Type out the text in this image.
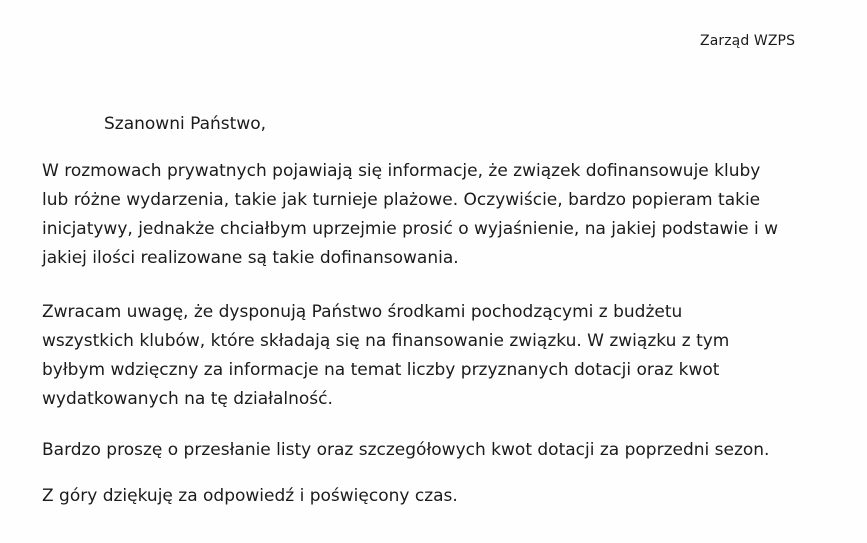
Zarząd WZPS
Szanowni Państwo,
W rozmowach prywatnych pojawiają się informacje, że związek dofinansowuje kluby
lub różne wydarzenia, takie jak turnieje plażowe. Oczywiście, bardzo popieram takie
inicjatywy, jednakże chciałbym uprzejmie prosić o wyjaśnienie, na jakiej podstawie i w
jakiej ilości realizowane są takie dofinansowania.
Zwracam uwagę, że dysponują Państwo środkami pochodzącymi z budżetu
wszystkich klubów, które składają się na finansowanie związku. W związku z tym
byłbym wdzięczny za informacje na temat liczby przyznanych dotacji oraz kwot
wydatkowanych na tę działalność.
Bardzo proszę o przesłanie listy oraz szczegółowych kwot dotacji za poprzedni sezon.
Z góry dziękuję za odpowiedź i poświęcony czas.
